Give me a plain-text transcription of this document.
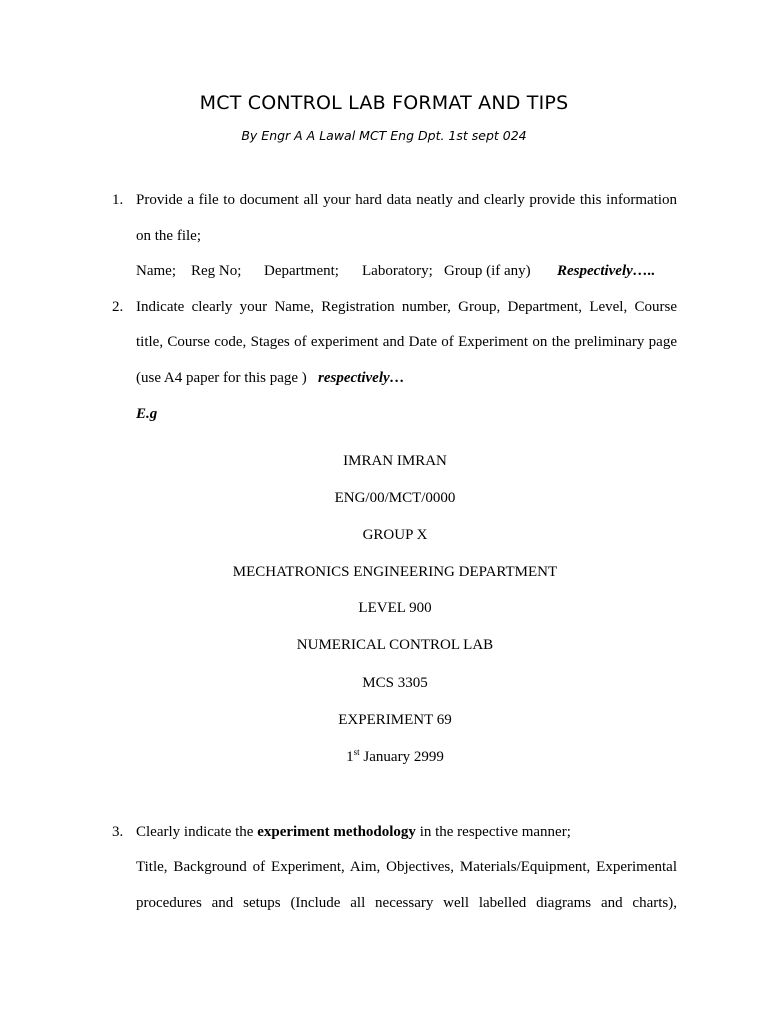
MCT CONTROL LAB FORMAT AND TIPS
By Engr A A Lawal MCT Eng Dpt. 1st sept 024
1. Provide a file to document all your hard data neatly and clearly provide this information
on the file;
Name; Reg No; Department; Laboratory; Group (if any) Respectively…..
2. Indicate clearly your Name, Registration number, Group, Department, Level, Course
title, Course code, Stages of experiment and Date of Experiment on the preliminary page
(use A4 paper for this page ) respectively…
E.g
IMRAN IMRAN
ENG/00/MCT/0000
GROUP X
MECHATRONICS ENGINEERING DEPARTMENT
LEVEL 900
NUMERICAL CONTROL LAB
MCS 3305
EXPERIMENT 69
1st January 2999
3. Clearly indicate the experiment methodology in the respective manner;
Title, Background of Experiment, Aim, Objectives, Materials/Equipment, Experimental
procedures and setups (Include all necessary well labelled diagrams and charts),
